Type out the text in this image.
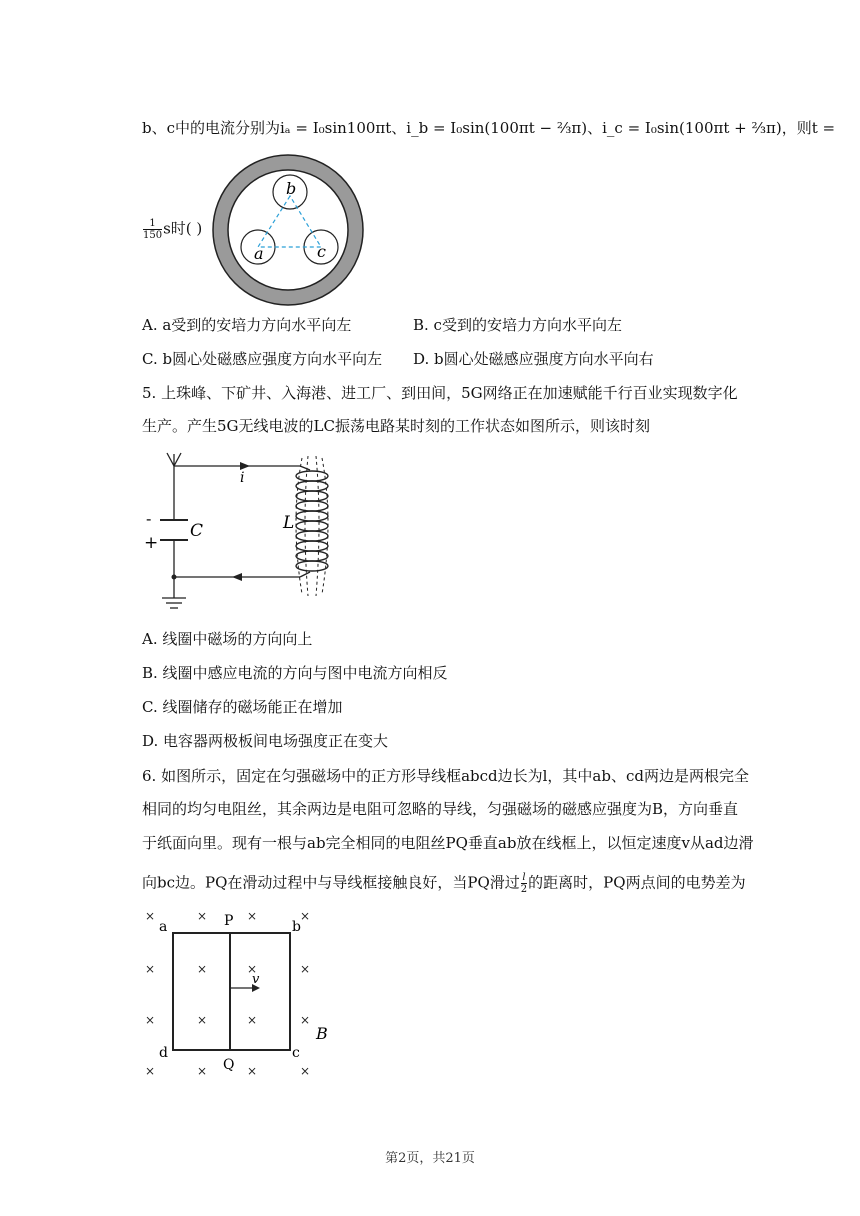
b、c中的电流分别为iₐ = I₀sin100πt、i_b = I₀sin(100πt − ⅔π)、i_c = I₀sin(100πt + ⅔π)，则t =
b
a	c
$\frac{1}{150}$ s时( )
A. a受到的安培力方向水平向左	B. c受到的安培力方向水平向左
C. b圆心处磁感应强度方向水平向左 D. b圆心处磁感应强度方向水平向右
5. 上珠峰、下矿井、入海港、进工厂、到田间，5G网络正在加速赋能千行百业实现数字化
生产。产生5G无线电波的LC振荡电路某时刻的工作状态如图所示，则该时刻
i
C	L
-
+
A. 线圈中磁场的方向向上
B. 线圈中感应电流的方向与图中电流方向相反
C. 线圈储存的磁场能正在增加
D. 电容器两极板间电场强度正在变大
6. 如图所示，固定在匀强磁场中的正方形导线框abcd边长为l，其中ab、cd两边是两根完全
相同的均匀电阻丝，其余两边是电阻可忽略的导线，匀强磁场的磁感应强度为B，方向垂直
于纸面向里。现有一根与ab完全相同的电阻丝PQ垂直ab放在线框上，以恒定速度v从ad边滑
向bc边。PQ在滑动过程中与导线框接触良好，当PQ滑过 $\frac{l}{2}$ 的距离时，PQ两点间的电势差为
×	×	×	×
×	×	×	×
×	×	×	×
×	×	×	×
a	P	b
d
Q
c
v
B
第2页，共21页
